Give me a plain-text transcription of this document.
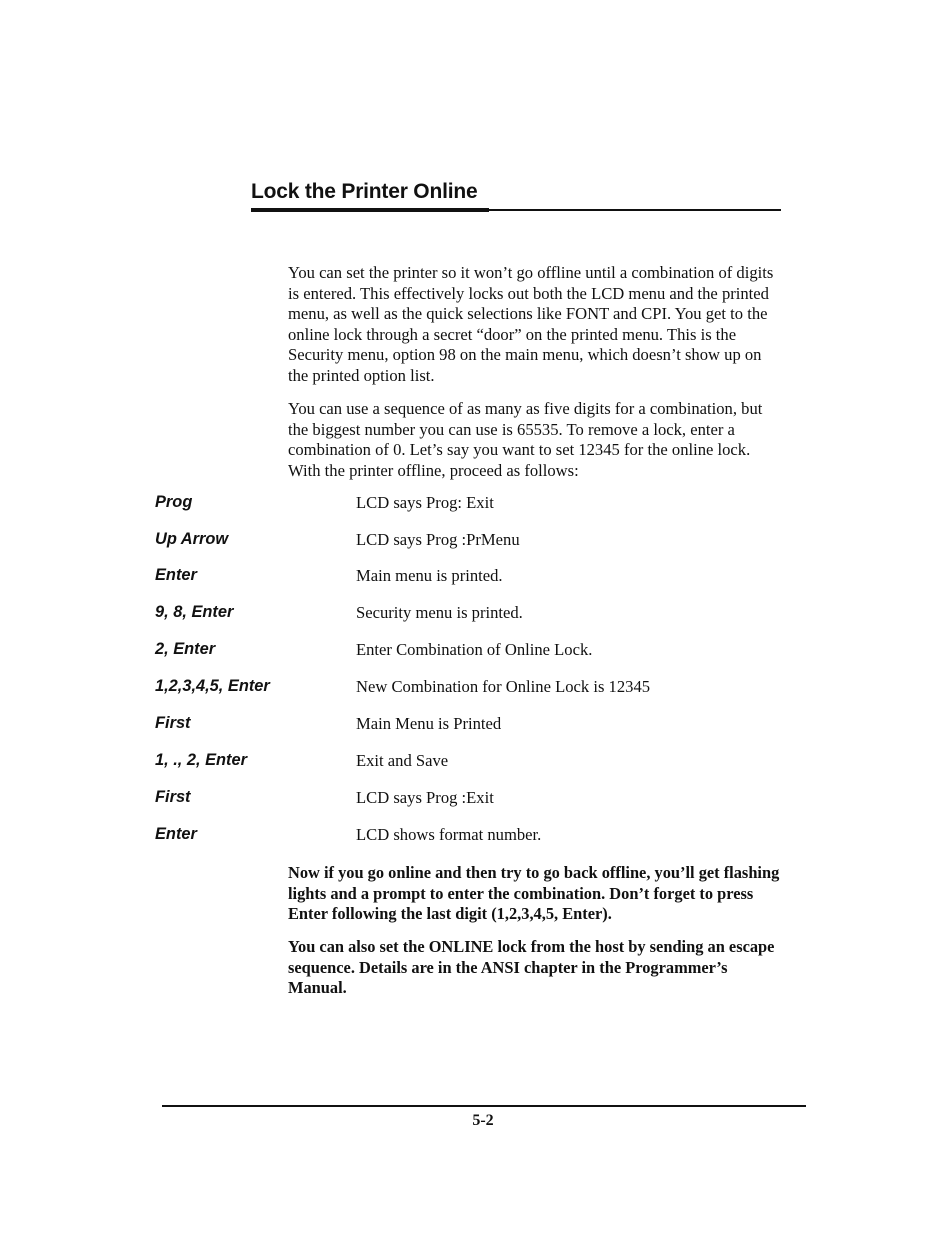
Lock the Printer Online

You can set the printer so it won’t go offline until a combination of digits is entered. This effectively locks out both the LCD menu and the printed menu, as well as the quick selections like FONT and CPI. You get to the online lock through a secret “door” on the printed menu. This is the Security menu, option 98 on the main menu, which doesn’t show up on the printed option list.

You can use a sequence of as many as five digits for a combination, but the biggest number you can use is 65535. To remove a lock, enter a combination of 0. Let’s say you want to set 12345 for the online lock. With the printer offline, proceed as follows:

Prog	LCD says Prog: Exit
Up Arrow	LCD says Prog :PrMenu
Enter	Main menu is printed.
9, 8, Enter	Security menu is printed.
2, Enter	Enter Combination of Online Lock.
1,2,3,4,5, Enter	New Combination for Online Lock is 12345
First	Main Menu is Printed
1, ., 2, Enter	Exit and Save
First	LCD says Prog :Exit
Enter	LCD shows format number.

Now if you go online and then try to go back offline, you’ll get flashing lights and a prompt to enter the combination. Don’t forget to press Enter following the last digit (1,2,3,4,5, Enter).

You can also set the ONLINE lock from the host by sending an escape sequence. Details are in the ANSI chapter in the Programmer’s Manual.

5-2
